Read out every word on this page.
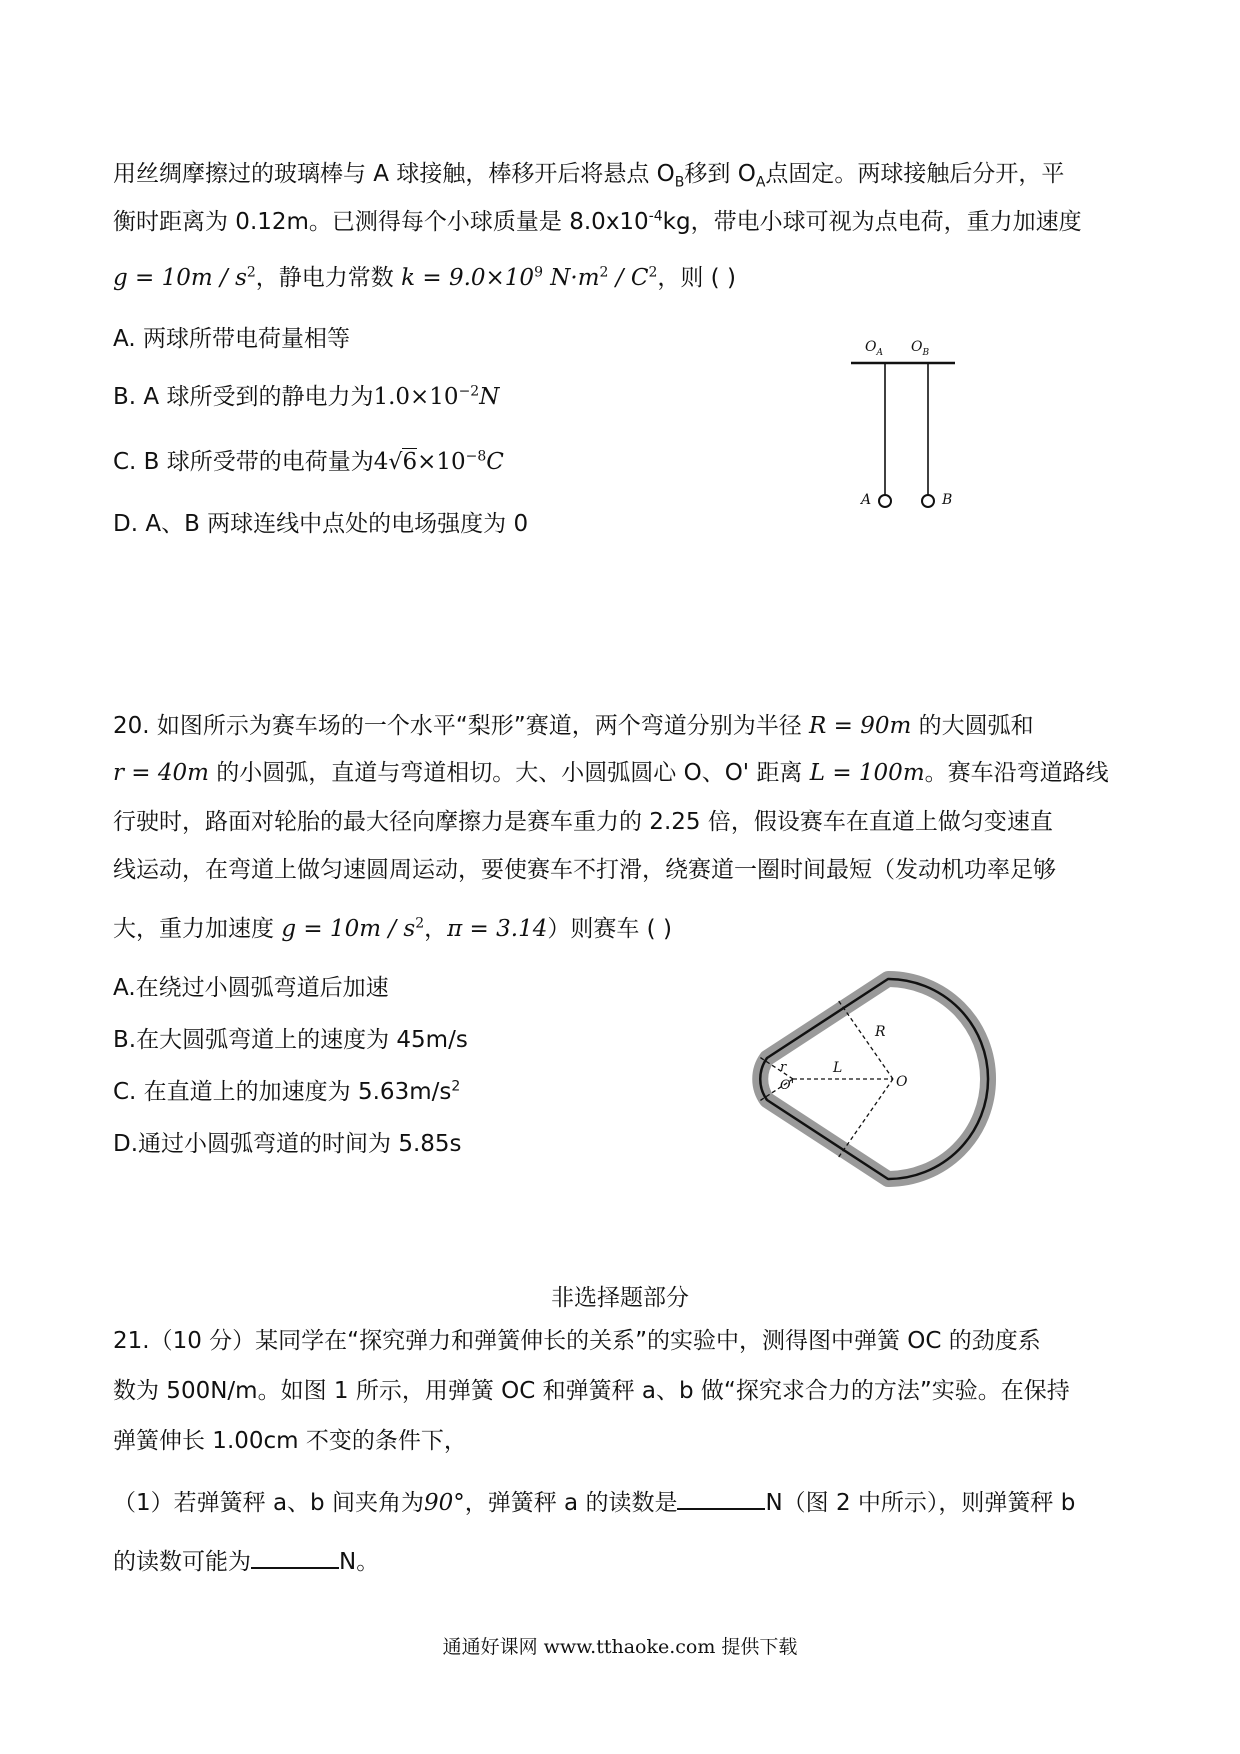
用丝绸摩擦过的玻璃棒与 A 球接触，棒移开后将悬点 $O_B$移到 $O_A$点固定。两球接触后分开，平
衡时距离为 0.12m。已测得每个小球质量是 $8.0x10^{-4}kg$，带电小球可视为点电荷，重力加速度
$g = 10m / s^2$，静电力常数 $k = 9.0\times 10^9$ $N\cdot m^2 / C^2$，则 ( )
A. 两球所带电荷量相等
B. A 球所受到的静电力为$1.0\times 10^{-2}N$
C. B 球所受带的电荷量为$4√6\times 10^{-8}C$
D. A、B 两球连线中点处的电场强度为 0
$O_A$ $O_B$
A	B
20. 如图所示为赛车场的一个水平“梨形”赛道，两个弯道分别为半径 R = 90m 的大圆弧和
r = 40m 的小圆弧，直道与弯道相切。大、小圆弧圆心 O、O' 距离 L = 100m。赛车沿弯道路线
行驶时，路面对轮胎的最大径向摩擦力是赛车重力的 2.25 倍，假设赛车在直道上做匀变速直
线运动，在弯道上做匀速圆周运动，要使赛车不打滑，绕赛道一圈时间最短（发动机功率足够
大，重力加速度 $g = 10m / s^2$，π = 3.14）则赛车 ( )
A.在绕过小圆弧弯道后加速
B.在大圆弧弯道上的速度为 45m/s
C. 在直道上的加速度为 $5.63m/s^2$
D.通过小圆弧弯道的时间为 5.85s
R
L
r
O
O'
非选择题部分
21.（10 分）某同学在“探究弹力和弹簧伸长的关系”的实验中，测得图中弹簧 OC 的劲度系
数为 500N/m。如图 1 所示，用弹簧 OC 和弹簧秤 a、b 做“探究求合力的方法”实验。在保持
弹簧伸长 1.00cm 不变的条件下，
（1）若弹簧秤 a、b 间夹角为90°，弹簧秤 a 的读数是	N（图 2 中所示），则弹簧秤 b
的读数可能为	N。
通通好课网 www.tthaoke.com 提供下载
